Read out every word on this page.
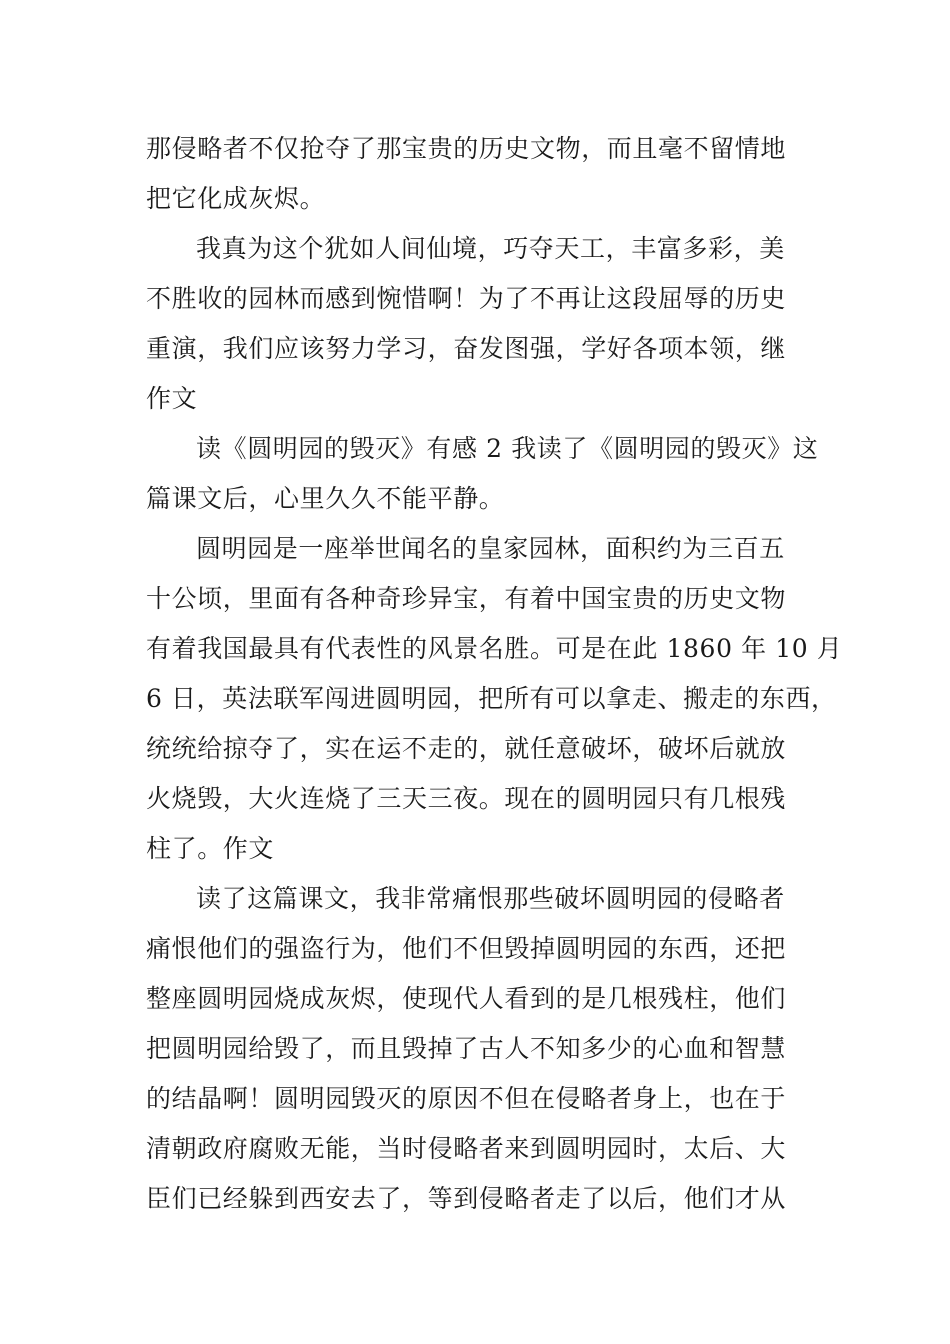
那侵略者不仅抢夺了那宝贵的历史文物，而且毫不留情地
把它化成灰烬。
我真为这个犹如人间仙境，巧夺天工，丰富多彩，美
不胜收的园林而感到惋惜啊！为了不再让这段屈辱的历史
重演，我们应该努力学习，奋发图强，学好各项本领，继
作文
读《圆明园的毁灭》有感 2 我读了《圆明园的毁灭》这
篇课文后，心里久久不能平静。
圆明园是一座举世闻名的皇家园林，面积约为三百五
十公顷，里面有各种奇珍异宝，有着中国宝贵的历史文物
有着我国最具有代表性的风景名胜。可是在此 1860 年 10 月
6 日，英法联军闯进圆明园，把所有可以拿走、搬走的东西，
统统给掠夺了，实在运不走的，就任意破坏，破坏后就放
火烧毁，大火连烧了三天三夜。现在的圆明园只有几根残
柱了。作文
读了这篇课文，我非常痛恨那些破坏圆明园的侵略者
痛恨他们的强盗行为，他们不但毁掉圆明园的东西，还把
整座圆明园烧成灰烬，使现代人看到的是几根残柱，他们
把圆明园给毁了，而且毁掉了古人不知多少的心血和智慧
的结晶啊！圆明园毁灭的原因不但在侵略者身上，也在于
清朝政府腐败无能，当时侵略者来到圆明园时，太后、大
臣们已经躲到西安去了，等到侵略者走了以后，他们才从
